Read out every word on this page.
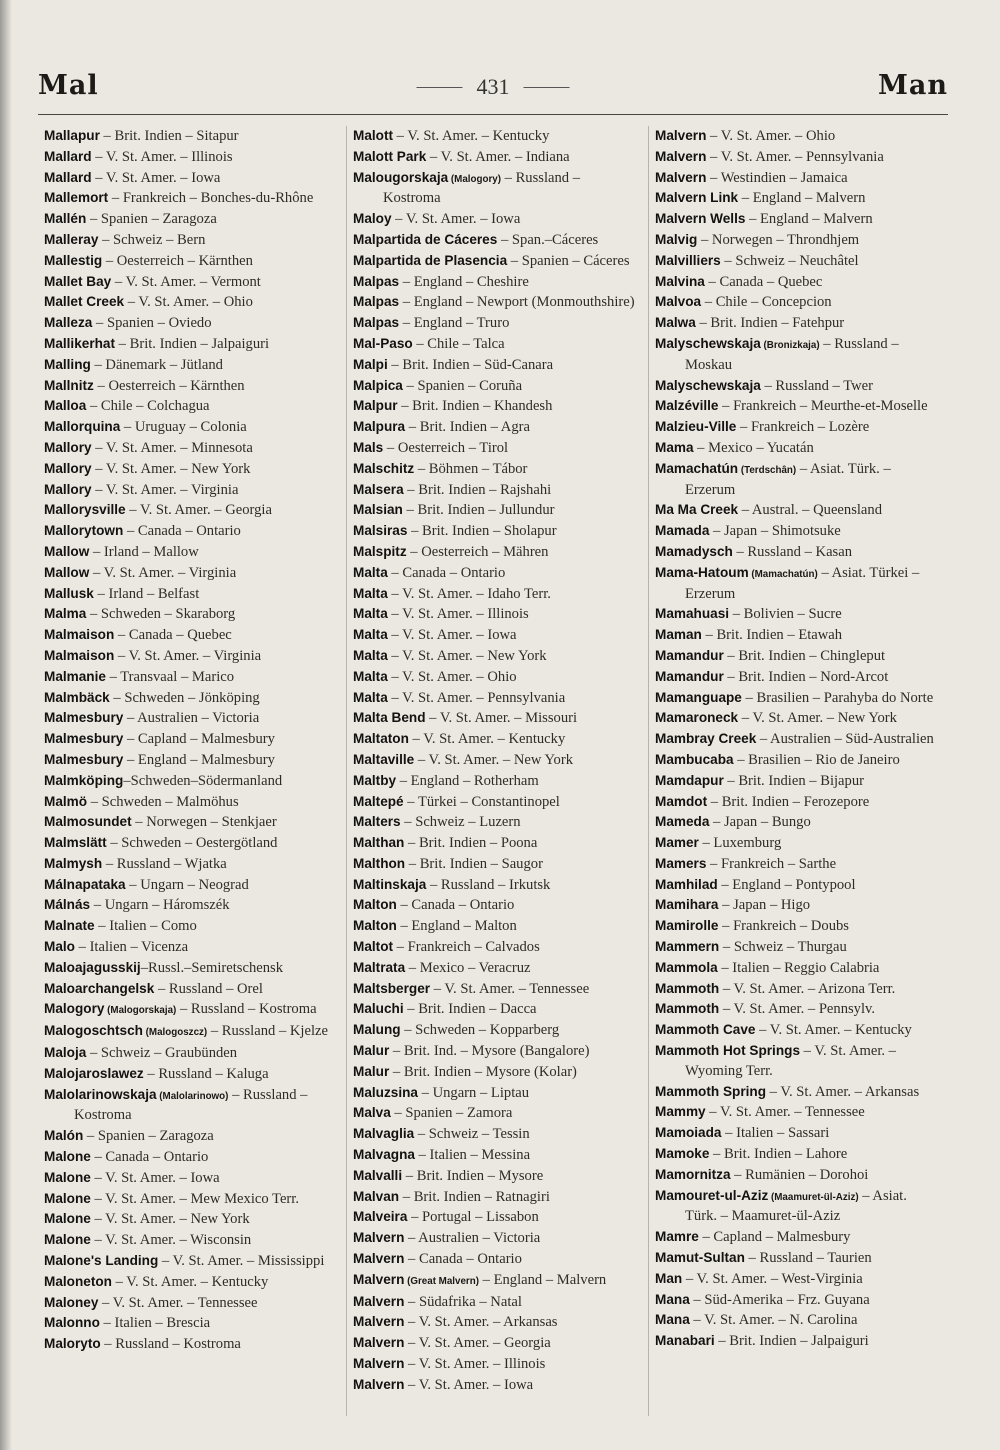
Mal	431	Man

Mallapur – Brit. Indien – Sitapur

Mallard – V. St. Amer. – Illinois

Mallard – V. St. Amer. – Iowa

Mallemort – Frankreich – Bonches-du-Rhône

Mallén – Spanien – Zaragoza

Malleray – Schweiz – Bern

Mallestig – Oesterreich – Kärnthen

Mallet Bay – V. St. Amer. – Vermont

Mallet Creek – V. St. Amer. – Ohio

Malleza – Spanien – Oviedo

Mallikerhat – Brit. Indien – Jalpaiguri

Malling – Dänemark – Jütland

Mallnitz – Oesterreich – Kärnthen

Malloa – Chile – Colchagua

Mallorquina – Uruguay – Colonia

Mallory – V. St. Amer. – Minnesota

Mallory – V. St. Amer. – New York

Mallory – V. St. Amer. – Virginia

Mallorysville – V. St. Amer. – Georgia

Mallorytown – Canada – Ontario

Mallow – Irland – Mallow

Mallow – V. St. Amer. – Virginia

Mallusk – Irland – Belfast

Malma – Schweden – Skaraborg

Malmaison – Canada – Quebec

Malmaison – V. St. Amer. – Virginia

Malmanie – Transvaal – Marico

Malmbäck – Schweden – Jönköping

Malmesbury – Australien – Victoria

Malmesbury – Capland – Malmesbury

Malmesbury – England – Malmesbury

Malmköping–Schweden–Södermanland

Malmö – Schweden – Malmöhus

Malmosundet – Norwegen – Stenkjaer

Malmslätt – Schweden – Oestergötland

Malmysh – Russland – Wjatka

Málnapataka – Ungarn – Neograd

Málnás – Ungarn – Háromszék

Malnate – Italien – Como

Malo – Italien – Vicenza

Maloajagusskij–Russl.–Semiretschensk

Maloarchangelsk – Russland – Orel

Malogory (Malogorskaja) – Russland – Kostroma

Malogoschtsch (Malogoszcz) – Russland – Kjelze

Maloja – Schweiz – Graubünden

Malojaroslawez – Russland – Kaluga

Malolarinowskaja (Malolarinowo) – Russland – Kostroma

Malón – Spanien – Zaragoza

Malone – Canada – Ontario

Malone – V. St. Amer. – Iowa

Malone – V. St. Amer. – Mew Mexico Terr.

Malone – V. St. Amer. – New York

Malone – V. St. Amer. – Wisconsin

Malone's Landing – V. St. Amer. – Mississippi

Maloneton – V. St. Amer. – Kentucky

Maloney – V. St. Amer. – Tennessee

Malonno – Italien – Brescia

Maloryto – Russland – Kostroma

Malott – V. St. Amer. – Kentucky

Malott Park – V. St. Amer. – Indiana

Malougorskaja (Malogory) – Russland – Kostroma

Maloy – V. St. Amer. – Iowa

Malpartida de Cáceres – Span.–Cáceres

Malpartida de Plasencia – Spanien – Cáceres

Malpas – England – Cheshire

Malpas – England – Newport (Monmouthshire)

Malpas – England – Truro

Mal-Paso – Chile – Talca

Malpi – Brit. Indien – Süd-Canara

Malpica – Spanien – Coruña

Malpur – Brit. Indien – Khandesh

Malpura – Brit. Indien – Agra

Mals – Oesterreich – Tirol

Malschitz – Böhmen – Tábor

Malsera – Brit. Indien – Rajshahi

Malsian – Brit. Indien – Jullundur

Malsiras – Brit. Indien – Sholapur

Malspitz – Oesterreich – Mähren

Malta – Canada – Ontario

Malta – V. St. Amer. – Idaho Terr.

Malta – V. St. Amer. – Illinois

Malta – V. St. Amer. – Iowa

Malta – V. St. Amer. – New York

Malta – V. St. Amer. – Ohio

Malta – V. St. Amer. – Pennsylvania

Malta Bend – V. St. Amer. – Missouri

Maltaton – V. St. Amer. – Kentucky

Maltaville – V. St. Amer. – New York

Maltby – England – Rotherham

Maltepé – Türkei – Constantinopel

Malters – Schweiz – Luzern

Malthan – Brit. Indien – Poona

Malthon – Brit. Indien – Saugor

Maltinskaja – Russland – Irkutsk

Malton – Canada – Ontario

Malton – England – Malton

Maltot – Frankreich – Calvados

Maltrata – Mexico – Veracruz

Maltsberger – V. St. Amer. – Tennessee

Maluchi – Brit. Indien – Dacca

Malung – Schweden – Kopparberg

Malur – Brit. Ind. – Mysore (Bangalore)

Malur – Brit. Indien – Mysore (Kolar)

Maluzsina – Ungarn – Liptau

Malva – Spanien – Zamora

Malvaglia – Schweiz – Tessin

Malvagna – Italien – Messina

Malvalli – Brit. Indien – Mysore

Malvan – Brit. Indien – Ratnagiri

Malveira – Portugal – Lissabon

Malvern – Australien – Victoria

Malvern – Canada – Ontario

Malvern (Great Malvern) – England – Malvern

Malvern – Südafrika – Natal

Malvern – V. St. Amer. – Arkansas

Malvern – V. St. Amer. – Georgia

Malvern – V. St. Amer. – Illinois

Malvern – V. St. Amer. – Iowa

Malvern – V. St. Amer. – Ohio

Malvern – V. St. Amer. – Pennsylvania

Malvern – Westindien – Jamaica

Malvern Link – England – Malvern

Malvern Wells – England – Malvern

Malvig – Norwegen – Throndhjem

Malvilliers – Schweiz – Neuchâtel

Malvina – Canada – Quebec

Malvoa – Chile – Concepcion

Malwa – Brit. Indien – Fatehpur

Malyschewskaja (Bronizkaja) – Russland – Moskau

Malyschewskaja – Russland – Twer

Malzéville – Frankreich – Meurthe-et-Moselle

Malzieu-Ville – Frankreich – Lozère

Mama – Mexico – Yucatán

Mamachatún (Terdschân) – Asiat. Türk. – Erzerum

Ma Ma Creek – Austral. – Queensland

Mamada – Japan – Shimotsuke

Mamadysch – Russland – Kasan

Mama-Hatoum (Mamachatún) – Asiat. Türkei – Erzerum

Mamahuasi – Bolivien – Sucre

Maman – Brit. Indien – Etawah

Mamandur – Brit. Indien – Chingleput

Mamandur – Brit. Indien – Nord-Arcot

Mamanguape – Brasilien – Parahyba do Norte

Mamaroneck – V. St. Amer. – New York

Mambray Creek – Australien – Süd-Australien

Mambucaba – Brasilien – Rio de Janeiro

Mamdapur – Brit. Indien – Bijapur

Mamdot – Brit. Indien – Ferozepore

Mameda – Japan – Bungo

Mamer – Luxemburg

Mamers – Frankreich – Sarthe

Mamhilad – England – Pontypool

Mamihara – Japan – Higo

Mamirolle – Frankreich – Doubs

Mammern – Schweiz – Thurgau

Mammola – Italien – Reggio Calabria

Mammoth – V. St. Amer. – Arizona Terr.

Mammoth – V. St. Amer. – Pennsylv.

Mammoth Cave – V. St. Amer. – Kentucky

Mammoth Hot Springs – V. St. Amer. – Wyoming Terr.

Mammoth Spring – V. St. Amer. – Arkansas

Mammy – V. St. Amer. – Tennessee

Mamoiada – Italien – Sassari

Mamoke – Brit. Indien – Lahore

Mamornitza – Rumänien – Dorohoi

Mamouret-ul-Aziz (Maamuret-ül-Aziz) – Asiat. Türk. – Maamuret-ül-Aziz

Mamre – Capland – Malmesbury

Mamut-Sultan – Russland – Taurien

Man – V. St. Amer. – West-Virginia

Mana – Süd-Amerika – Frz. Guyana

Mana – V. St. Amer. – N. Carolina

Manabari – Brit. Indien – Jalpaiguri
